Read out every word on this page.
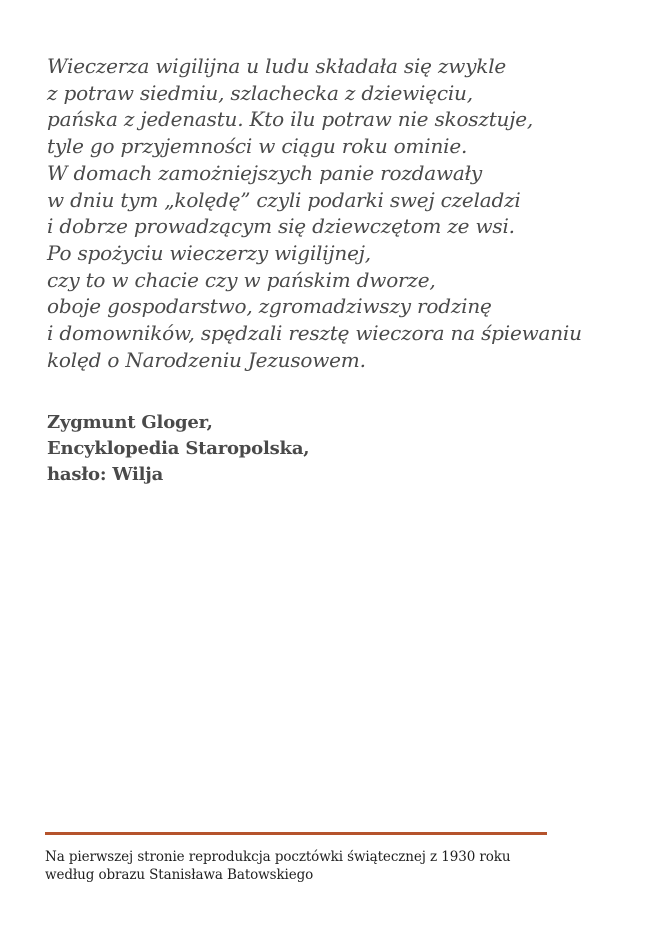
Wieczerza wigilijna u ludu składała się zwykle
z potraw siedmiu, szlachecka z dziewięciu,
pańska z jedenastu. Kto ilu potraw nie skosztuje,
tyle go przyjemności w ciągu roku ominie.
W domach zamożniejszych panie rozdawały
w dniu tym „kolędę” czyli podarki swej czeladzi
i dobrze prowadzącym się dziewczętom ze wsi.
Po spożyciu wieczerzy wigilijnej,
czy to w chacie czy w pańskim dworze,
oboje gospodarstwo, zgromadziwszy rodzinę
i domowników, spędzali resztę wieczora na śpiewaniu
kolęd o Narodzeniu Jezusowem.
Zygmunt Gloger,
Encyklopedia Staropolska,
hasło: Wilja
Na pierwszej stronie reprodukcja pocztówki świątecznej z 1930 roku
według obrazu Stanisława Batowskiego
